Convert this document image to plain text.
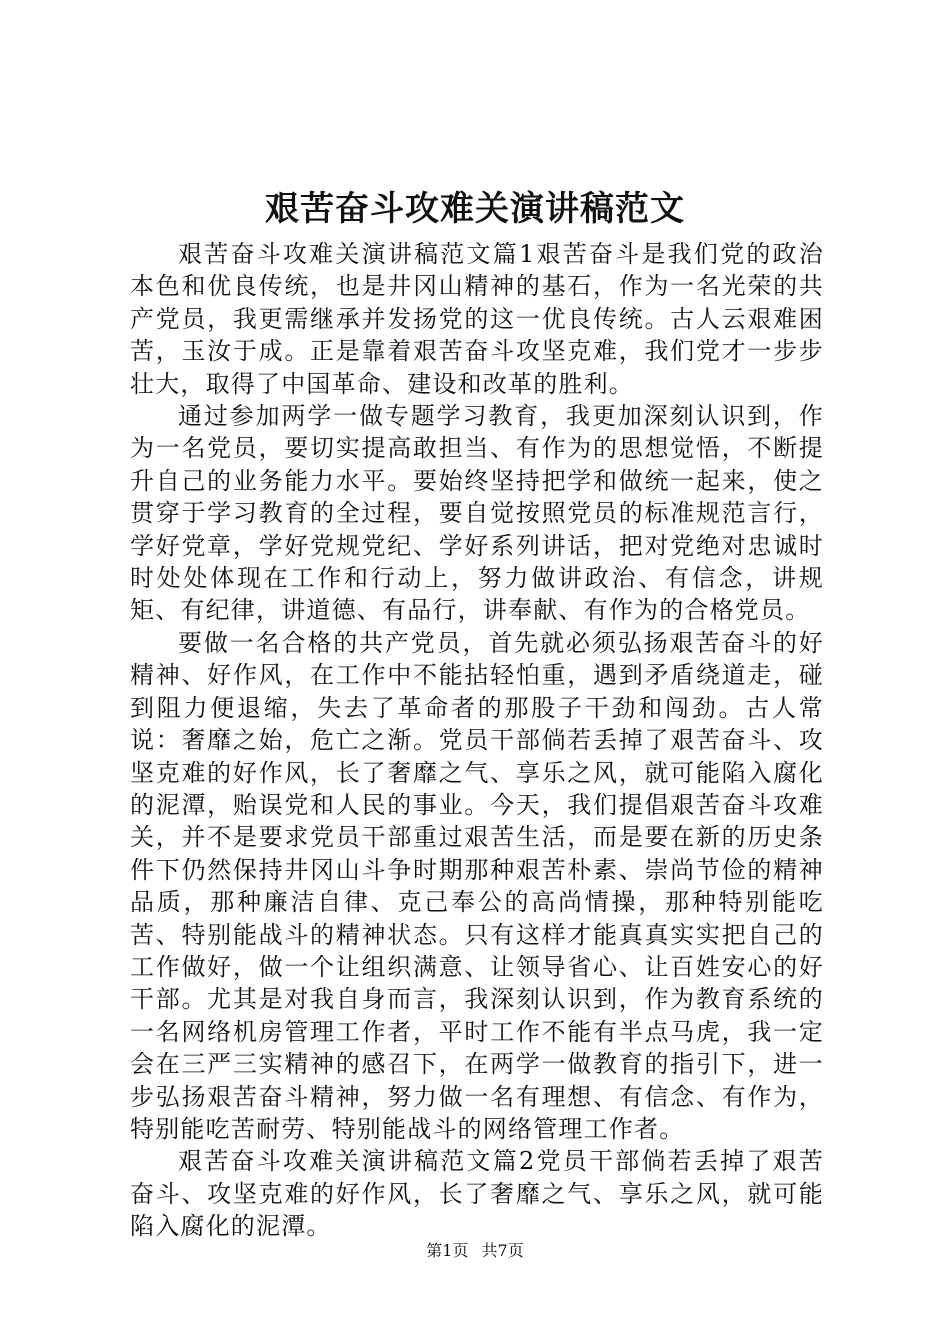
艰苦奋斗攻难关演讲稿范文

艰苦奋斗攻难关演讲稿范文篇1艰苦奋斗是我们党的政治本色和优良传统，也是井冈山精神的基石，作为一名光荣的共产党员，我更需继承并发扬党的这一优良传统。古人云艰难困苦，玉汝于成。正是靠着艰苦奋斗攻坚克难，我们党才一步步壮大，取得了中国革命、建设和改革的胜利。

通过参加两学一做专题学习教育，我更加深刻认识到，作为一名党员，要切实提高敢担当、有作为的思想觉悟，不断提升自己的业务能力水平。要始终坚持把学和做统一起来，使之贯穿于学习教育的全过程，要自觉按照党员的标准规范言行，学好党章，学好党规党纪、学好系列讲话，把对党绝对忠诚时时处处体现在工作和行动上，努力做讲政治、有信念，讲规矩、有纪律，讲道德、有品行，讲奉献、有作为的合格党员。

要做一名合格的共产党员，首先就必须弘扬艰苦奋斗的好精神、好作风，在工作中不能拈轻怕重，遇到矛盾绕道走，碰到阻力便退缩，失去了革命者的那股子干劲和闯劲。古人常说：奢靡之始，危亡之渐。党员干部倘若丢掉了艰苦奋斗、攻坚克难的好作风，长了奢靡之气、享乐之风，就可能陷入腐化的泥潭，贻误党和人民的事业。今天，我们提倡艰苦奋斗攻难关，并不是要求党员干部重过艰苦生活，而是要在新的历史条件下仍然保持井冈山斗争时期那种艰苦朴素、崇尚节俭的精神品质，那种廉洁自律、克己奉公的高尚情操，那种特别能吃苦、特别能战斗的精神状态。只有这样才能真真实实把自己的工作做好，做一个让组织满意、让领导省心、让百姓安心的好干部。尤其是对我自身而言，我深刻认识到，作为教育系统的一名网络机房管理工作者，平时工作不能有半点马虎，我一定会在三严三实精神的感召下，在两学一做教育的指引下，进一步弘扬艰苦奋斗精神，努力做一名有理想、有信念、有作为，特别能吃苦耐劳、特别能战斗的网络管理工作者。

艰苦奋斗攻难关演讲稿范文篇2党员干部倘若丢掉了艰苦奋斗、攻坚克难的好作风，长了奢靡之气、享乐之风，就可能陷入腐化的泥潭。

第1页 共7页
